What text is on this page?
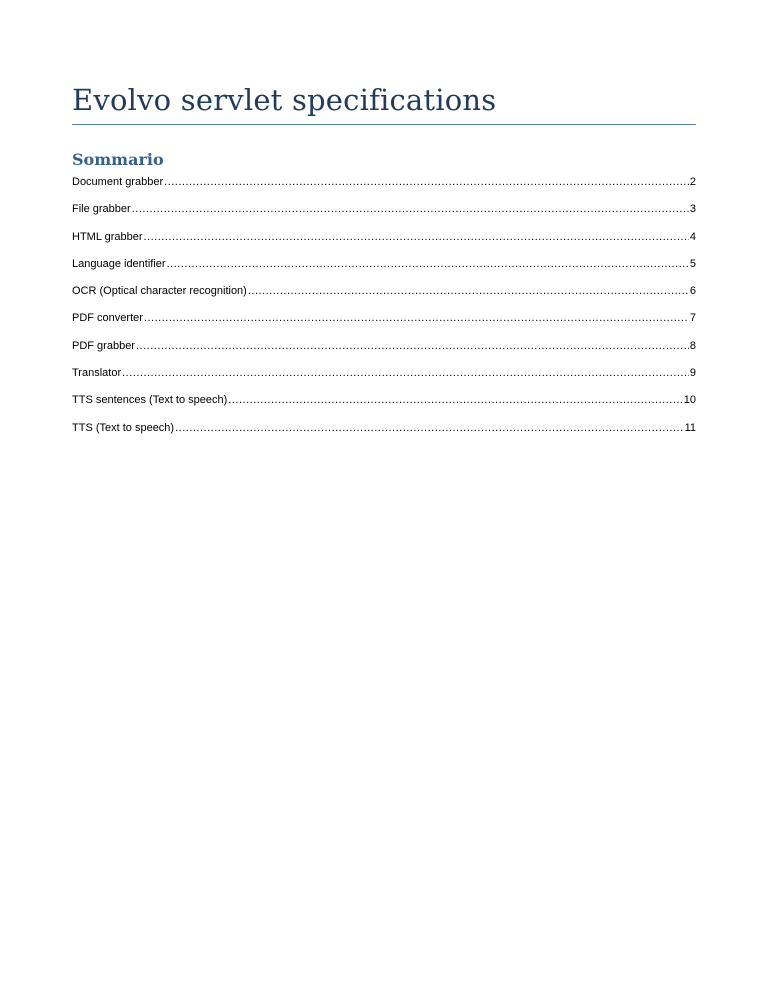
Evolvo servlet specifications
Sommario
Document grabber .....	2
File grabber .....	3
HTML grabber .....	4
Language identifier .....	5
OCR (Optical character recognition) .....	6
PDF converter .....	7
PDF grabber .....	8
Translator .....	9
TTS sentences (Text to speech) .....	10
TTS (Text to speech) .....	11
